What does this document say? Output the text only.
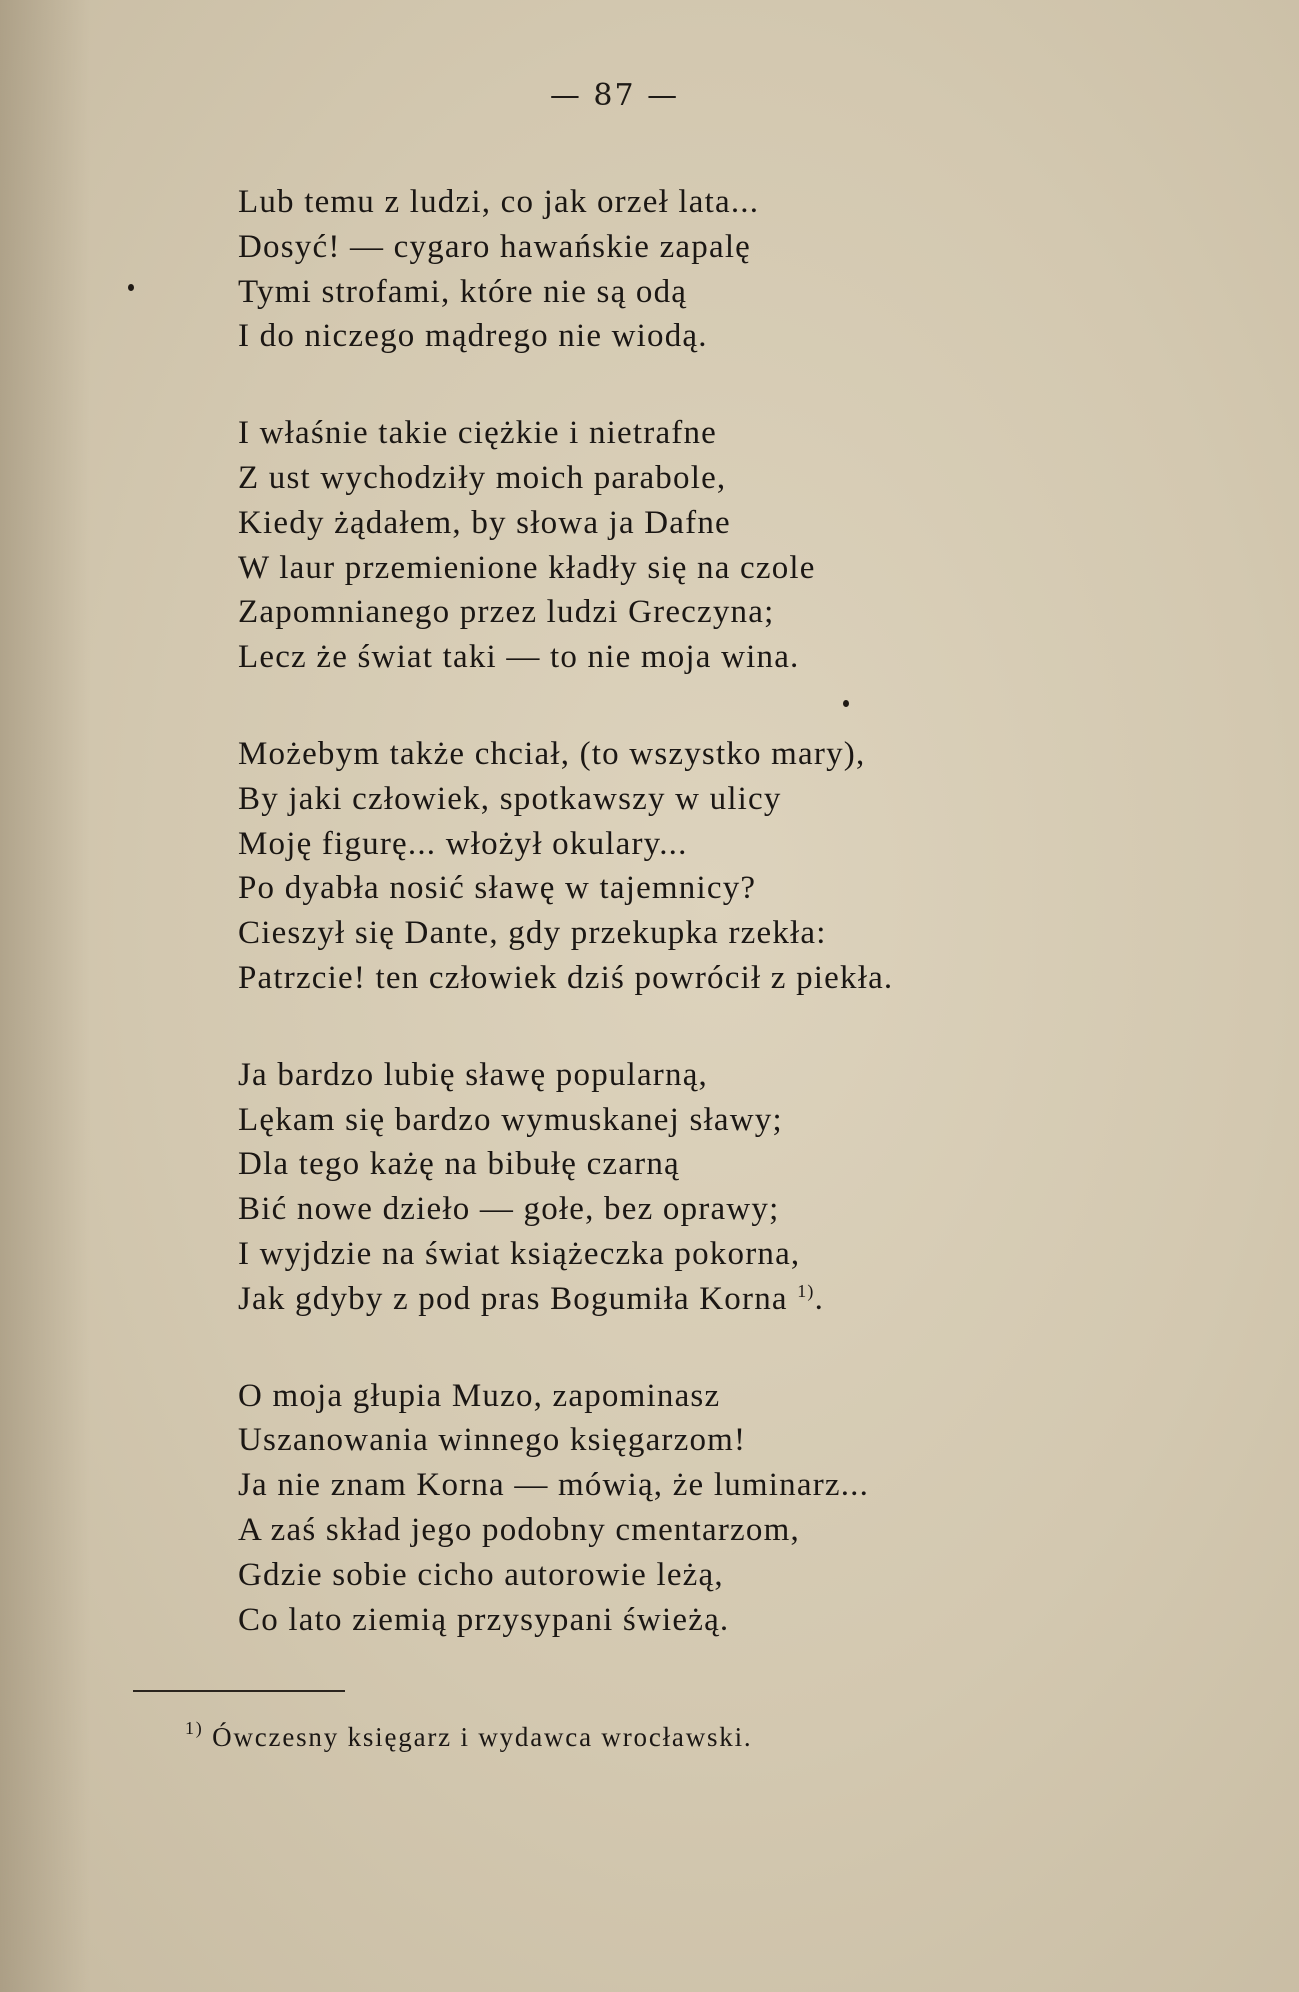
— 87 —
Lub temu z ludzi, co jak orzeł lata...
Dosyć! — cygaro hawańskie zapalę
Tymi strofami, które nie są odą
I do niczego mądrego nie wiodą.
I właśnie takie ciężkie i nietrafne
Z ust wychodziły moich parabole,
Kiedy żądałem, by słowa ja Dafne
W laur przemienione kładły się na czole
Zapomnianego przez ludzi Greczyna;
Lecz że świat taki — to nie moja wina.
Możebym także chciał, (to wszystko mary),
By jaki człowiek, spotkawszy w ulicy
Moję figurę... włożył okulary...
Po dyabła nosić sławę w tajemnicy?
Cieszył się Dante, gdy przekupka rzekła:
Patrzcie! ten człowiek dziś powrócił z piekła.
Ja bardzo lubię sławę popularną,
Lękam się bardzo wymuskanej sławy;
Dla tego każę na bibułę czarną
Bić nowe dzieło — gołe, bez oprawy;
I wyjdzie na świat książeczka pokorna,
Jak gdyby z pod pras Bogumiła Korna $^{1)}$.
O moja głupia Muzo, zapominasz
Uszanowania winnego księgarzom!
Ja nie znam Korna — mówią, że luminarz...
A zaś skład jego podobny cmentarzom,
Gdzie sobie cicho autorowie leżą,
Co lato ziemią przysypani świeżą.
$^{1)}$ Ówczesny księgarz i wydawca wrocławski.
